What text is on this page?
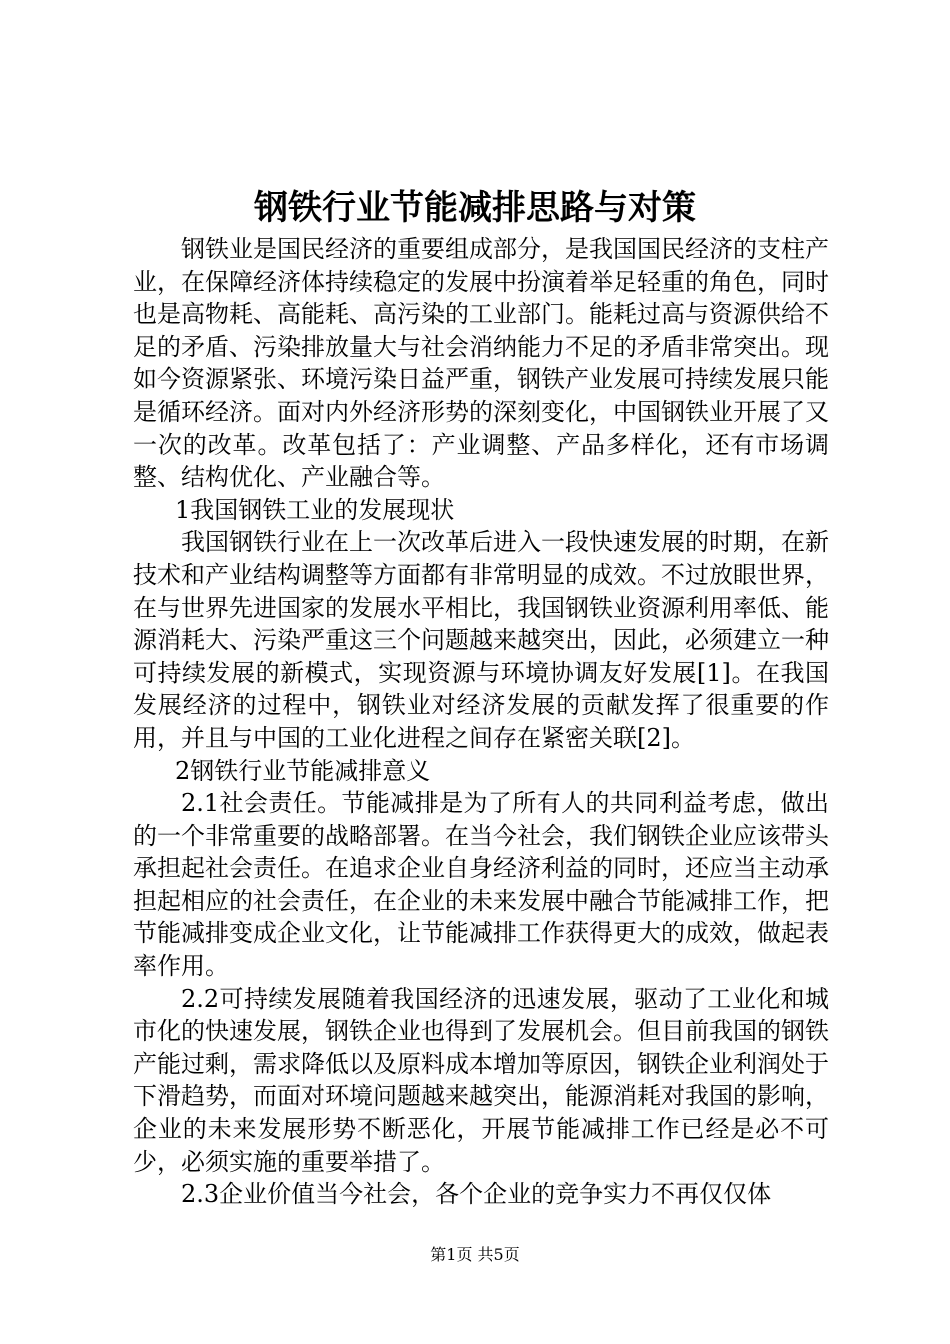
钢铁行业节能减排思路与对策

钢铁业是国民经济的重要组成部分，是我国国民经济的支柱产业，在保障经济体持续稳定的发展中扮演着举足轻重的角色，同时也是高物耗、高能耗、高污染的工业部门。能耗过高与资源供给不足的矛盾、污染排放量大与社会消纳能力不足的矛盾非常突出。现如今资源紧张、环境污染日益严重，钢铁产业发展可持续发展只能是循环经济。面对内外经济形势的深刻变化，中国钢铁业开展了又一次的改革。改革包括了：产业调整、产品多样化，还有市场调整、结构优化、产业融合等。

1我国钢铁工业的发展现状

我国钢铁行业在上一次改革后进入一段快速发展的时期，在新技术和产业结构调整等方面都有非常明显的成效。不过放眼世界，在与世界先进国家的发展水平相比，我国钢铁业资源利用率低、能源消耗大、污染严重这三个问题越来越突出，因此，必须建立一种可持续发展的新模式，实现资源与环境协调友好发展[1]。在我国发展经济的过程中，钢铁业对经济发展的贡献发挥了很重要的作用，并且与中国的工业化进程之间存在紧密关联[2]。

2钢铁行业节能减排意义

2.1社会责任。节能减排是为了所有人的共同利益考虑，做出的一个非常重要的战略部署。在当今社会，我们钢铁企业应该带头承担起社会责任。在追求企业自身经济利益的同时，还应当主动承担起相应的社会责任，在企业的未来发展中融合节能减排工作，把节能减排变成企业文化，让节能减排工作获得更大的成效，做起表率作用。

2.2可持续发展随着我国经济的迅速发展，驱动了工业化和城市化的快速发展，钢铁企业也得到了发展机会。但目前我国的钢铁产能过剩，需求降低以及原料成本增加等原因，钢铁企业利润处于下滑趋势，而面对环境问题越来越突出，能源消耗对我国的影响，企业的未来发展形势不断恶化，开展节能减排工作已经是必不可少，必须实施的重要举措了。

2.3企业价值当今社会，各个企业的竞争实力不再仅仅体

第1页 共5页
